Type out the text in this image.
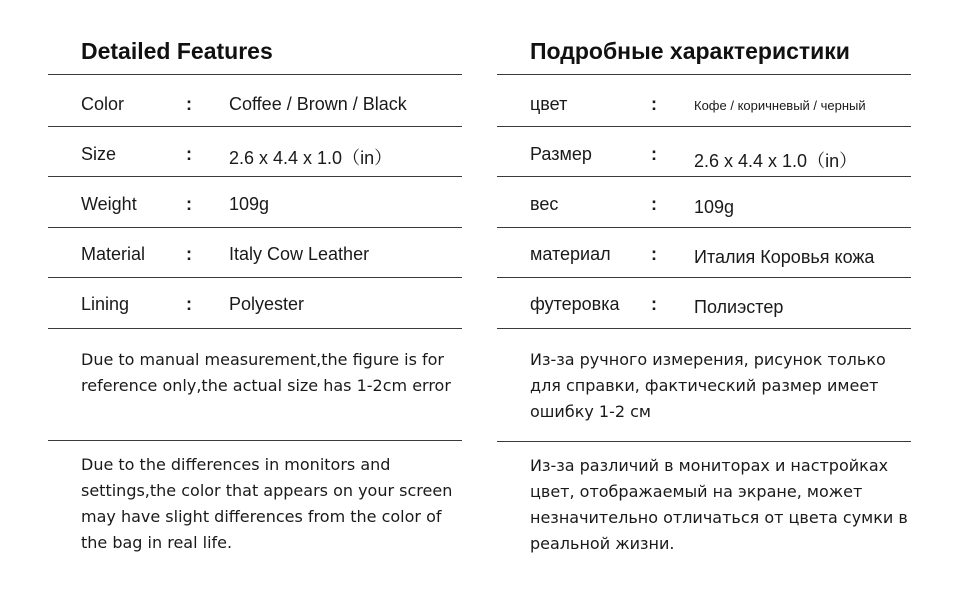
Detailed Features
Color	: Coffee / Brown / Black
Size	: 2.6 x 4.4 x 1.0（in）
Weight	: 109g
Material : Italy Cow Leather
Lining	: Polyester
Due to manual measurement,the figure is for reference only,the actual size has 1-2cm error
Due to the differences in monitors and settings,the color that appears on your screen may have slight differences from the color of the bag in real life.
Подробные характеристики
цвет	:	Кофе / коричневый / черный
Размер	: 2.6 x 4.4 x 1.0（in）
вес	: 109g
материал : Италия Коровья кожа
футеровка : Полиэстер
Из-за ручного измерения, рисунок только для справки, фактический размер имеет ошибку 1-2 см
Из-за различий в мониторах и настройках цвет, отображаемый на экране, может незначительно отличаться от цвета сумки в реальной жизни.
